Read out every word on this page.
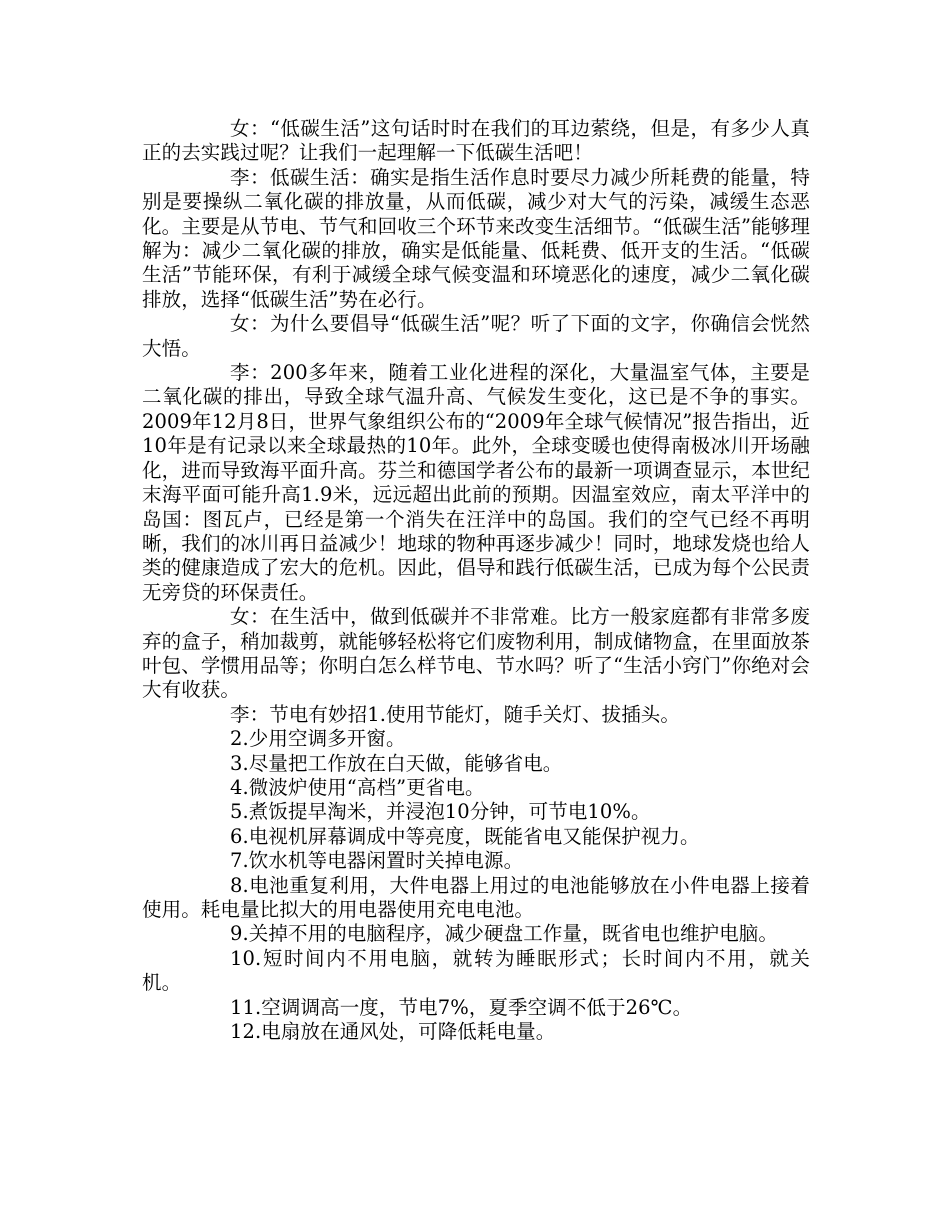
女：“低碳生活”这句话时时在我们的耳边萦绕，但是，有多少人真正的去实践过呢？让我们一起理解一下低碳生活吧！

李：低碳生活：确实是指生活作息时要尽力减少所耗费的能量，特别是要操纵二氧化碳的排放量，从而低碳，减少对大气的污染，减缓生态恶化。主要是从节电、节气和回收三个环节来改变生活细节。“低碳生活”能够理解为：减少二氧化碳的排放，确实是低能量、低耗费、低开支的生活。“低碳生活”节能环保，有利于减缓全球气候变温和环境恶化的速度，减少二氧化碳排放，选择“低碳生活”势在必行。

女：为什么要倡导“低碳生活”呢？听了下面的文字，你确信会恍然大悟。

李：200多年来，随着工业化进程的深化，大量温室气体，主要是二氧化碳的排出，导致全球气温升高、气候发生变化，这已是不争的事实。2009年12月8日，世界气象组织公布的“2009年全球气候情况”报告指出，近10年是有记录以来全球最热的10年。此外，全球变暖也使得南极冰川开场融化，进而导致海平面升高。芬兰和德国学者公布的最新一项调查显示，本世纪末海平面可能升高1.9米，远远超出此前的预期。因温室效应，南太平洋中的岛国：图瓦卢，已经是第一个消失在汪洋中的岛国。我们的空气已经不再明晰，我们的冰川再日益减少！地球的物种再逐步减少！同时，地球发烧也给人类的健康造成了宏大的危机。因此，倡导和践行低碳生活，已成为每个公民责无旁贷的环保责任。

女：在生活中，做到低碳并不非常难。比方一般家庭都有非常多废弃的盒子，稍加裁剪，就能够轻松将它们废物利用，制成储物盒，在里面放茶叶包、学惯用品等；你明白怎么样节电、节水吗？听了“生活小窍门”你绝对会大有收获。

李：节电有妙招1.使用节能灯，随手关灯、拔插头。

2.少用空调多开窗。

3.尽量把工作放在白天做，能够省电。

4.微波炉使用“高档”更省电。

5.煮饭提早淘米，并浸泡10分钟，可节电10%。

6.电视机屏幕调成中等亮度，既能省电又能保护视力。

7.饮水机等电器闲置时关掉电源。

8.电池重复利用，大件电器上用过的电池能够放在小件电器上接着使用。耗电量比拟大的用电器使用充电电池。

9.关掉不用的电脑程序，减少硬盘工作量，既省电也维护电脑。

10.短时间内不用电脑，就转为睡眠形式；长时间内不用，就关机。

11.空调调高一度，节电7%，夏季空调不低于26℃。

12.电扇放在通风处，可降低耗电量。
